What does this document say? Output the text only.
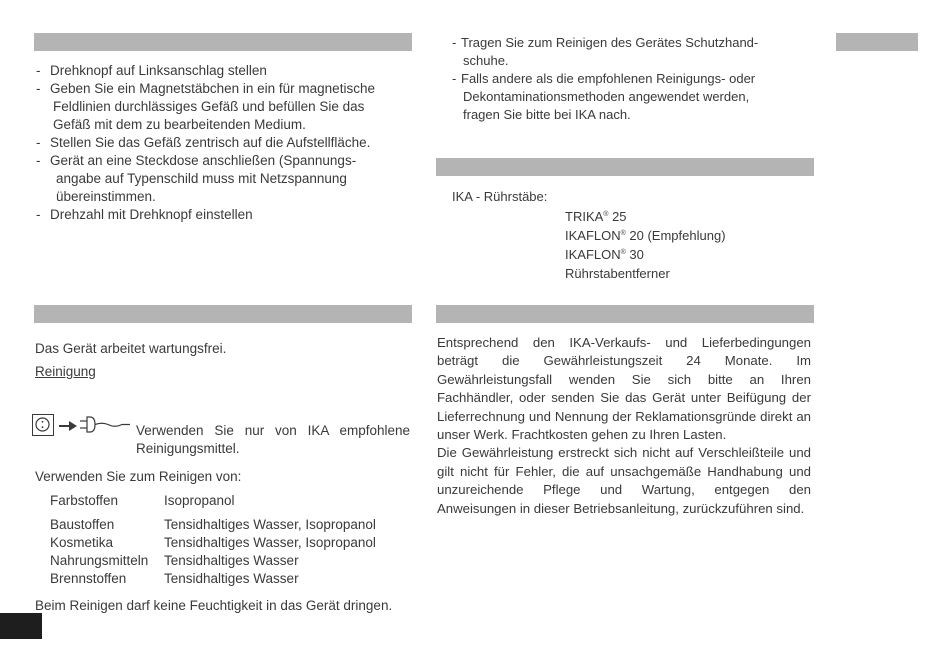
- Drehknopf auf Linksanschlag stellen
- Geben Sie ein Magnetstäbchen in ein für magnetische
Feldlinien durchlässiges Gefäß und befüllen Sie das
Gefäß mit dem zu bearbeitenden Medium.
- Stellen Sie das Gefäß zentrisch auf die Aufstellfläche.
- Gerät an eine Steckdose anschließen (Spannungs-
angabe auf Typenschild muss mit Netzspannung
übereinstimmen.
- Drehzahl mit Drehknopf einstellen
Das Gerät arbeitet wartungsfrei.
Reinigung
Verwenden Sie nur von IKA empfohlene Reinigungsmittel.
Verwenden Sie zum Reinigen von:
Farbstoffen	Isopropanol
Baustoffen	Tensidhaltiges Wasser, Isopropanol
Kosmetika	Tensidhaltiges Wasser, Isopropanol
Nahrungsmitteln	Tensidhaltiges Wasser
Brennstoffen	Tensidhaltiges Wasser
Beim Reinigen darf keine Feuchtigkeit in das Gerät dringen.
- Tragen Sie zum Reinigen des Gerätes Schutzhand-
schuhe.
- Falls andere als die empfohlenen Reinigungs- oder
Dekontaminationsmethoden angewendet werden,
fragen Sie bitte bei IKA nach.
IKA - Rührstäbe:
TRIKA® 25
IKAFLON® 20 (Empfehlung)
IKAFLON® 30
Rührstabentferner

Entsprechend den IKA-Verkaufs- und Lieferbedingungen beträgt die Gewährleistungszeit 24 Monate. Im Gewährleistungsfall wenden Sie sich bitte an Ihren Fachhändler, oder senden Sie das Gerät unter Beifügung der Lieferrechnung und Nennung der Reklamationsgründe direkt an unser Werk. Frachtkosten gehen zu Ihren Lasten.

Die Gewährleistung erstreckt sich nicht auf Verschleißteile und gilt nicht für Fehler, die auf unsachgemäße Handhabung und unzureichende Pflege und Wartung, entgegen den Anweisungen in dieser Betriebsanleitung, zurückzuführen sind.
